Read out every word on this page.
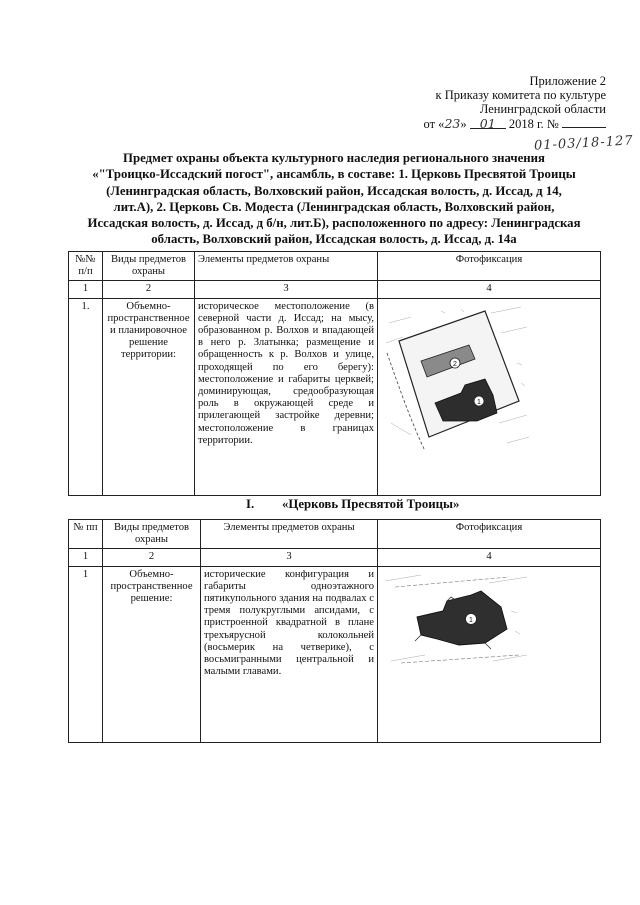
Приложение 2
к Приказу комитета по культуре
Ленинградской области
от «23» 01 2018 г. №
01-03/18-127
Предмет охраны объекта культурного наследия регионального значения
«"Троицко-Иссадский погост", ансамбль, в составе: 1. Церковь Пресвятой Троицы
(Ленинградская область, Волховский район, Иссадская волость, д. Иссад, д 14,
лит.А), 2. Церковь Св. Модеста (Ленинградская область, Волховский район,
Иссадская волость, д. Иссад, д б/н, лит.Б), расположенного по адресу: Ленинградская
область, Волховский район, Иссадская волость, д. Иссад, д. 14а
№№ п/п	Виды предметов охраны	Элементы предметов охраны	Фотофиксация
1	2	3	4
1.	Объемно-пространственное и планировочное решение территории:	историческое местоположение (в северной части д. Иссад; на мысу, образованном р. Волхов и впадающей в него р. Златынка; размещение и обращенность к р. Волхов и улице, проходящей по его берегу): местоположение и габариты церквей; доминирующая, средообразующая роль в окружающей среде и прилегающей застройке деревни; местоположение в границах территории.	2
1
I. «Церковь Пресвятой Троицы»
№ пп	Виды предметов охраны	Элементы предметов охраны	Фотофиксация
1	2	3	4
1	Объемно-пространственное решение:	исторические конфигурация и габариты одноэтажного пятикупольного здания на подвалах с тремя полукруглыми апсидами, с пристроенной квадратной в плане трехъярусной колокольней (восьмерик на четверике), с восьмигранными центральной и малыми главами.	1
